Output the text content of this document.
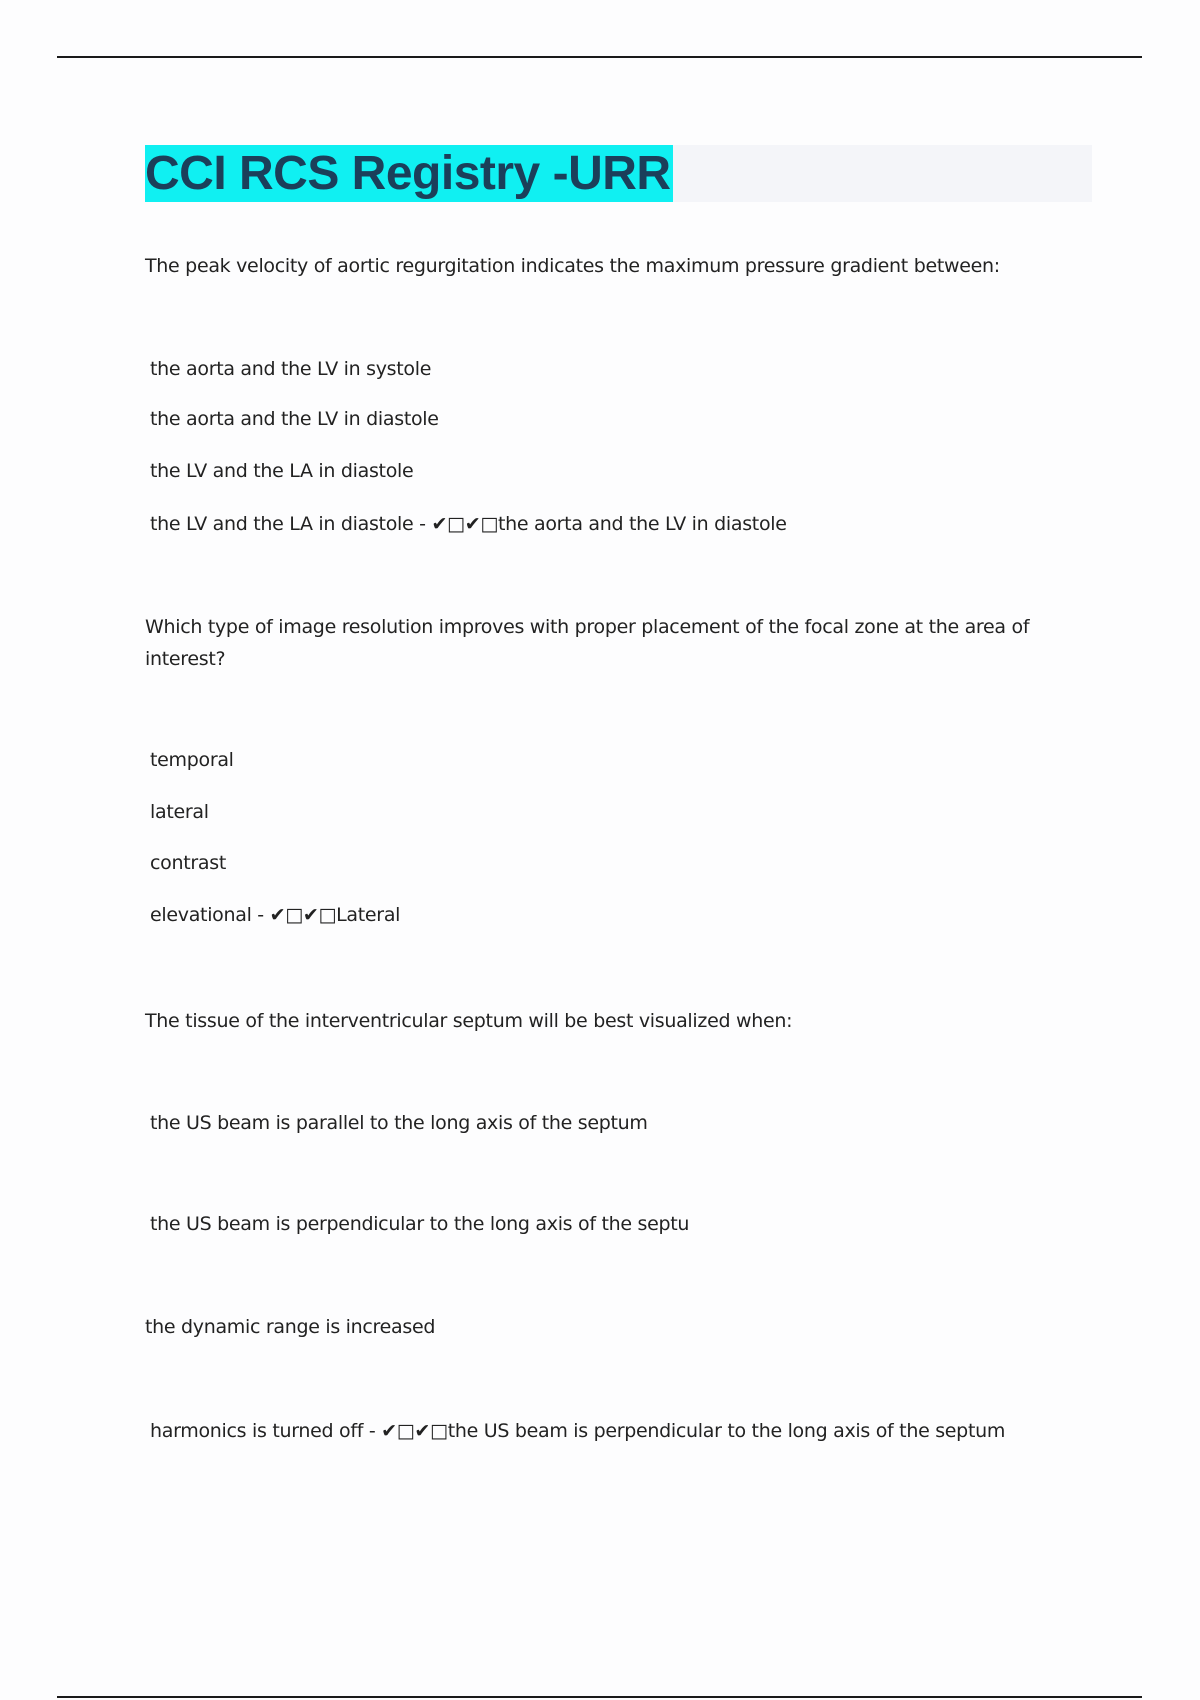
CCI RCS Registry -URR
The peak velocity of aortic regurgitation indicates the maximum pressure gradient between:
the aorta and the LV in systole
the aorta and the LV in diastole
the LV and the LA in diastole
the LV and the LA in diastole - ✔□✔□the aorta and the LV in diastole
Which type of image resolution improves with proper placement of the focal zone at the area of interest?
temporal
lateral
contrast
elevational - ✔□✔□Lateral
The tissue of the interventricular septum will be best visualized when:
the US beam is parallel to the long axis of the septum
the US beam is perpendicular to the long axis of the septu
the dynamic range is increased
harmonics is turned off - ✔□✔□the US beam is perpendicular to the long axis of the septum
